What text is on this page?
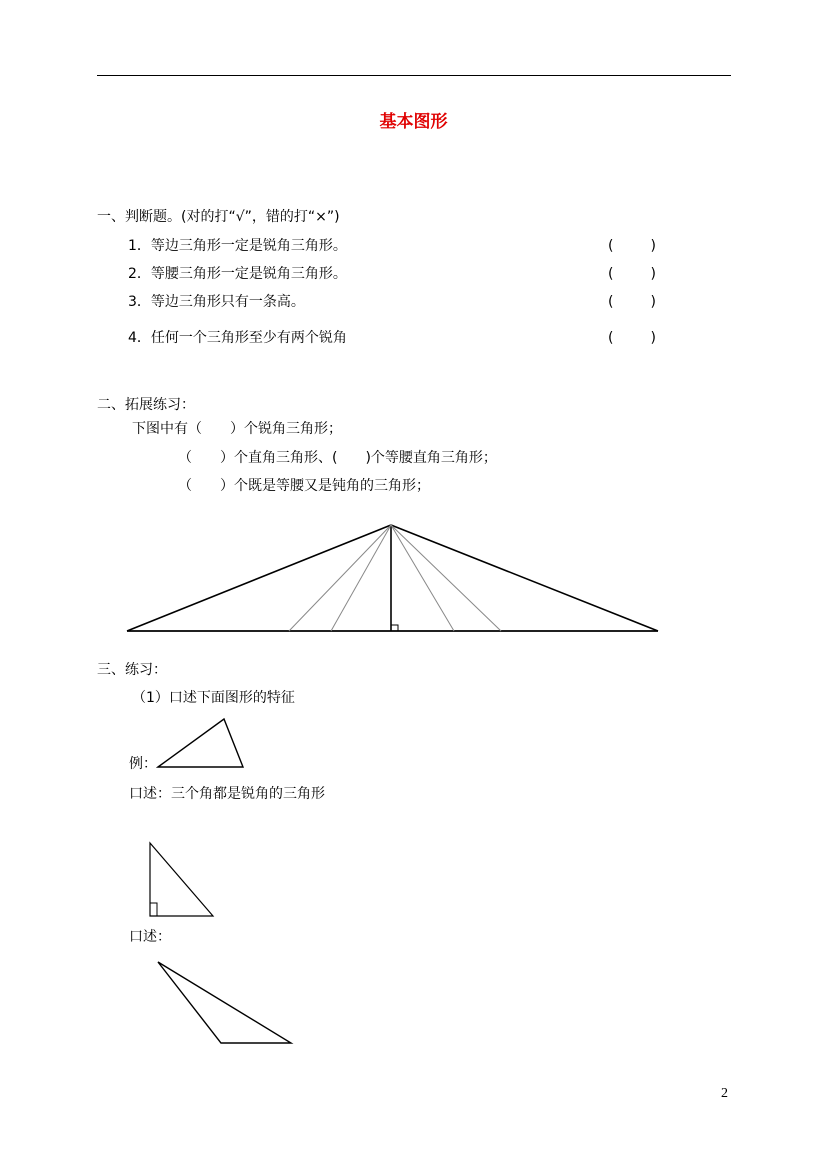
基本图形
一、判断题。(对的打“√”，错的打“×”)
1．等边三角形一定是锐角三角形。	(	)
2．等腰三角形一定是锐角三角形。	(	)
3．等边三角形只有一条高。	(	)
4．任何一个三角形至少有两个锐角	(	)
二、拓展练习：
下图中有（　　）个锐角三角形；
（　　）个直角三角形、(　　)个等腰直角三角形；
（　　）个既是等腰又是钝角的三角形；
三、练习：
（1）口述下面图形的特征
例：
口述：三个角都是锐角的三角形
口述：
2
